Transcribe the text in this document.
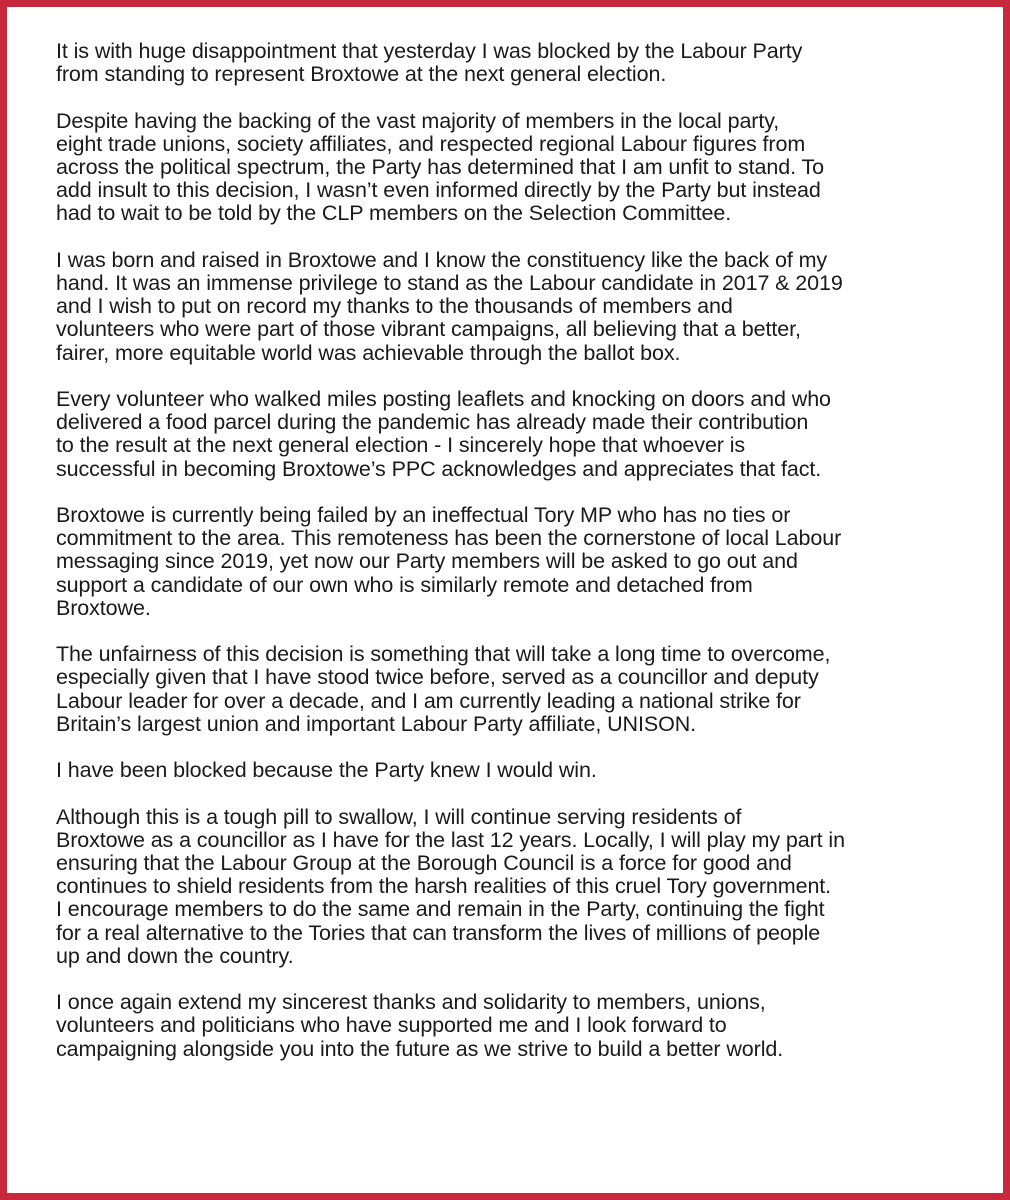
It is with huge disappointment that yesterday I was blocked by the Labour Party
from standing to represent Broxtowe at the next general election.

Despite having the backing of the vast majority of members in the local party,
eight trade unions, society affiliates, and respected regional Labour figures from
across the political spectrum, the Party has determined that I am unfit to stand. To
add insult to this decision, I wasn’t even informed directly by the Party but instead
had to wait to be told by the CLP members on the Selection Committee.

I was born and raised in Broxtowe and I know the constituency like the back of my
hand. It was an immense privilege to stand as the Labour candidate in 2017 & 2019
and I wish to put on record my thanks to the thousands of members and
volunteers who were part of those vibrant campaigns, all believing that a better,
fairer, more equitable world was achievable through the ballot box.

Every volunteer who walked miles posting leaflets and knocking on doors and who
delivered a food parcel during the pandemic has already made their contribution
to the result at the next general election - I sincerely hope that whoever is
successful in becoming Broxtowe’s PPC acknowledges and appreciates that fact.

Broxtowe is currently being failed by an ineffectual Tory MP who has no ties or
commitment to the area. This remoteness has been the cornerstone of local Labour
messaging since 2019, yet now our Party members will be asked to go out and
support a candidate of our own who is similarly remote and detached from
Broxtowe.

The unfairness of this decision is something that will take a long time to overcome,
especially given that I have stood twice before, served as a councillor and deputy
Labour leader for over a decade, and I am currently leading a national strike for
Britain’s largest union and important Labour Party affiliate, UNISON.

I have been blocked because the Party knew I would win.

Although this is a tough pill to swallow, I will continue serving residents of
Broxtowe as a councillor as I have for the last 12 years. Locally, I will play my part in
ensuring that the Labour Group at the Borough Council is a force for good and
continues to shield residents from the harsh realities of this cruel Tory government.
I encourage members to do the same and remain in the Party, continuing the fight
for a real alternative to the Tories that can transform the lives of millions of people
up and down the country.

I once again extend my sincerest thanks and solidarity to members, unions,
volunteers and politicians who have supported me and I look forward to
campaigning alongside you into the future as we strive to build a better world.
